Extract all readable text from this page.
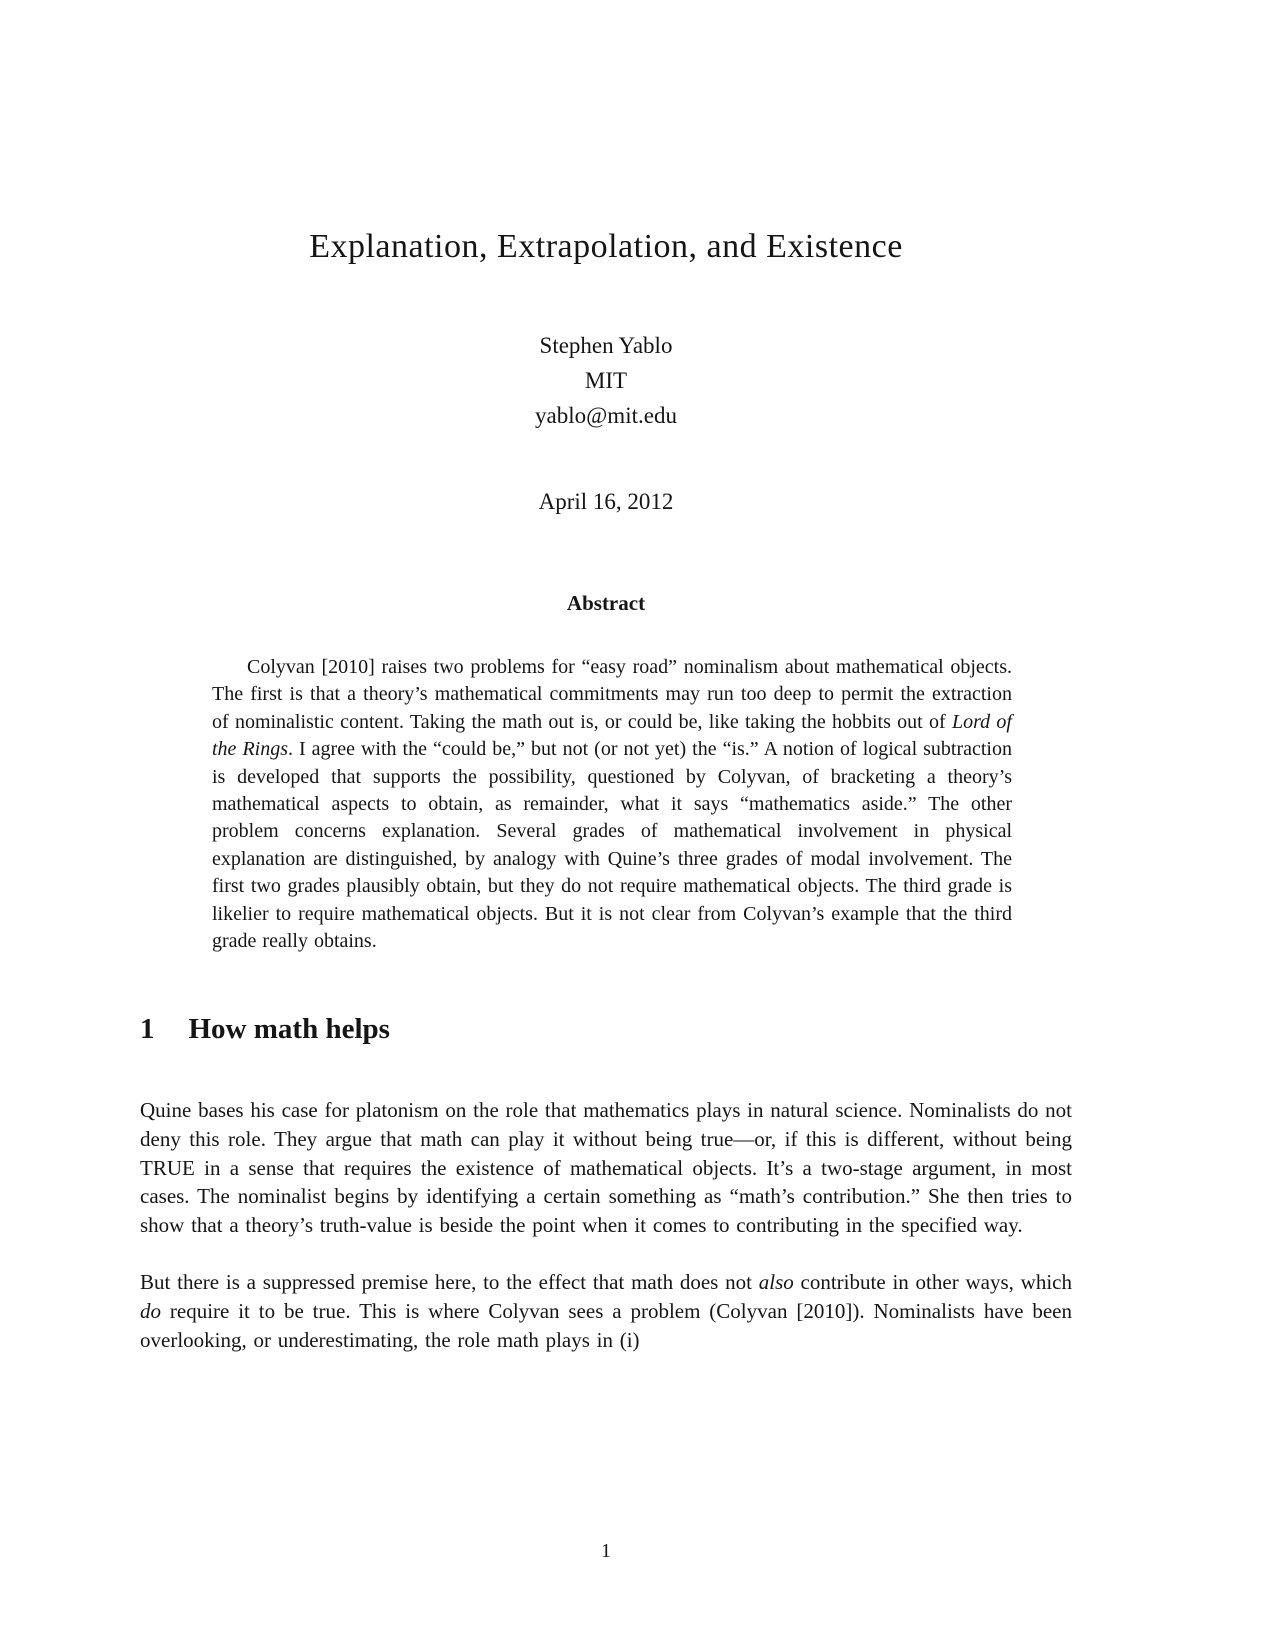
Explanation, Extrapolation, and Existence
Stephen Yablo
MIT
yablo@mit.edu
April 16, 2012
Abstract

Colyvan [2010] raises two problems for “easy road” nominalism about mathematical objects. The first is that a theory’s mathematical commitments may run too deep to permit the extraction of nominalistic content. Taking the math out is, or could be, like taking the hobbits out of Lord of the Rings. I agree with the “could be,” but not (or not yet) the “is.” A notion of logical subtraction is developed that supports the possibility, questioned by Colyvan, of bracketing a theory’s mathematical aspects to obtain, as remainder, what it says “mathematics aside.” The other problem concerns explanation. Several grades of mathematical involvement in physical explanation are distinguished, by analogy with Quine’s three grades of modal involvement. The first two grades plausibly obtain, but they do not require mathematical objects. The third grade is likelier to require mathematical objects. But it is not clear from Colyvan’s example that the third grade really obtains.

1 How math helps

Quine bases his case for platonism on the role that mathematics plays in natural science. Nominalists do not deny this role. They argue that math can play it without being true—or, if this is different, without being TRUE in a sense that requires the existence of mathematical objects. It’s a two-stage argument, in most cases. The nominalist begins by identifying a certain something as “math’s contribution.” She then tries to show that a theory’s truth-value is beside the point when it comes to contributing in the specified way.

But there is a suppressed premise here, to the effect that math does not also contribute in other ways, which do require it to be true. This is where Colyvan sees a problem (Colyvan [2010]). Nominalists have been overlooking, or underestimating, the role math plays in (i)

1
